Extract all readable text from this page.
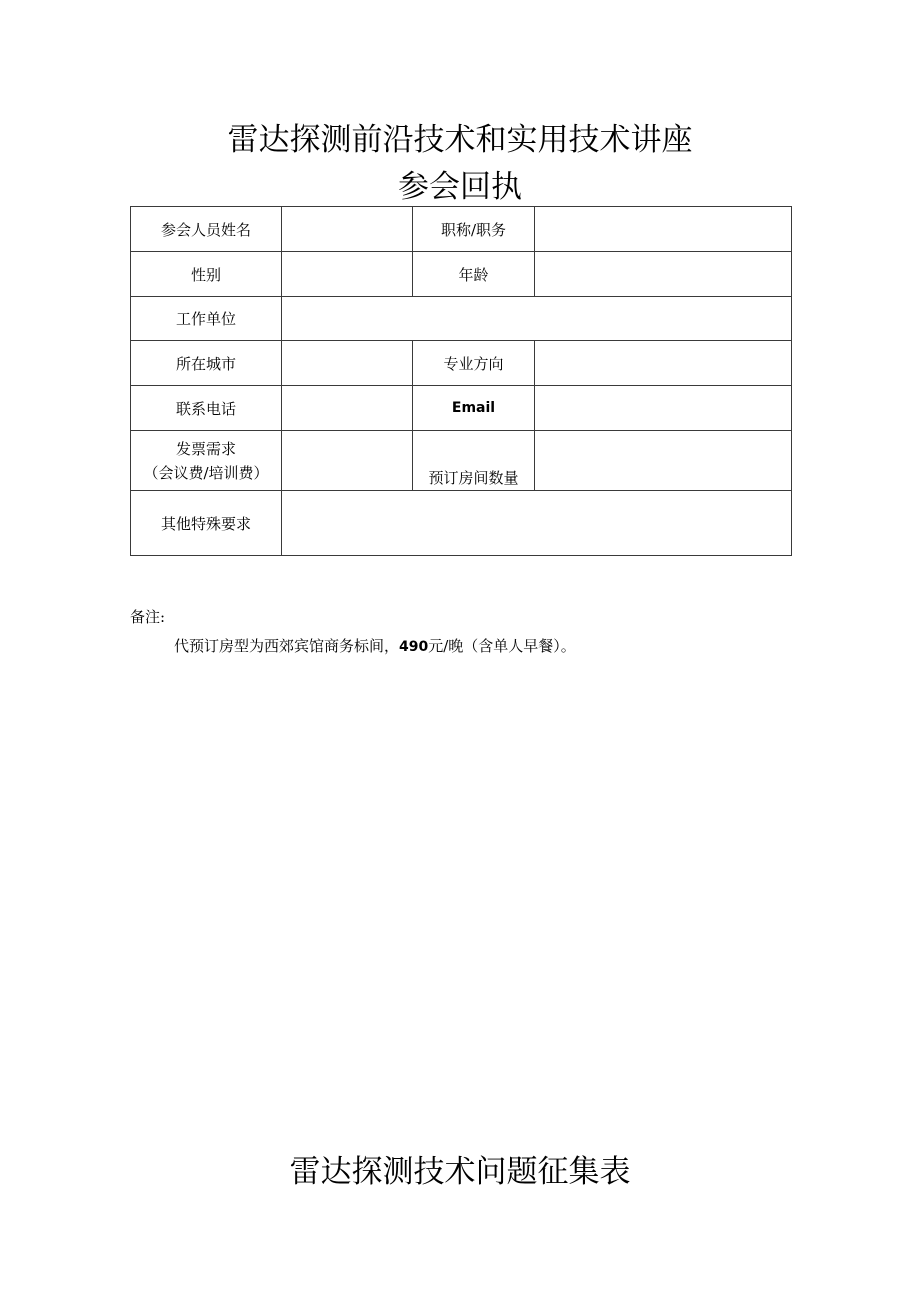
雷达探测前沿技术和实用技术讲座
参会回执
参会人员姓名		职称/职务	
性别		年龄	
工作单位			
所在城市		专业方向	
联系电话		Email	

发票需求
（会议费/培训费）		预订房间数量	
其他特殊要求			
备注:
代预订房型为西郊宾馆商务标间，490元/晚（含单人早餐）。
雷达探测技术问题征集表
